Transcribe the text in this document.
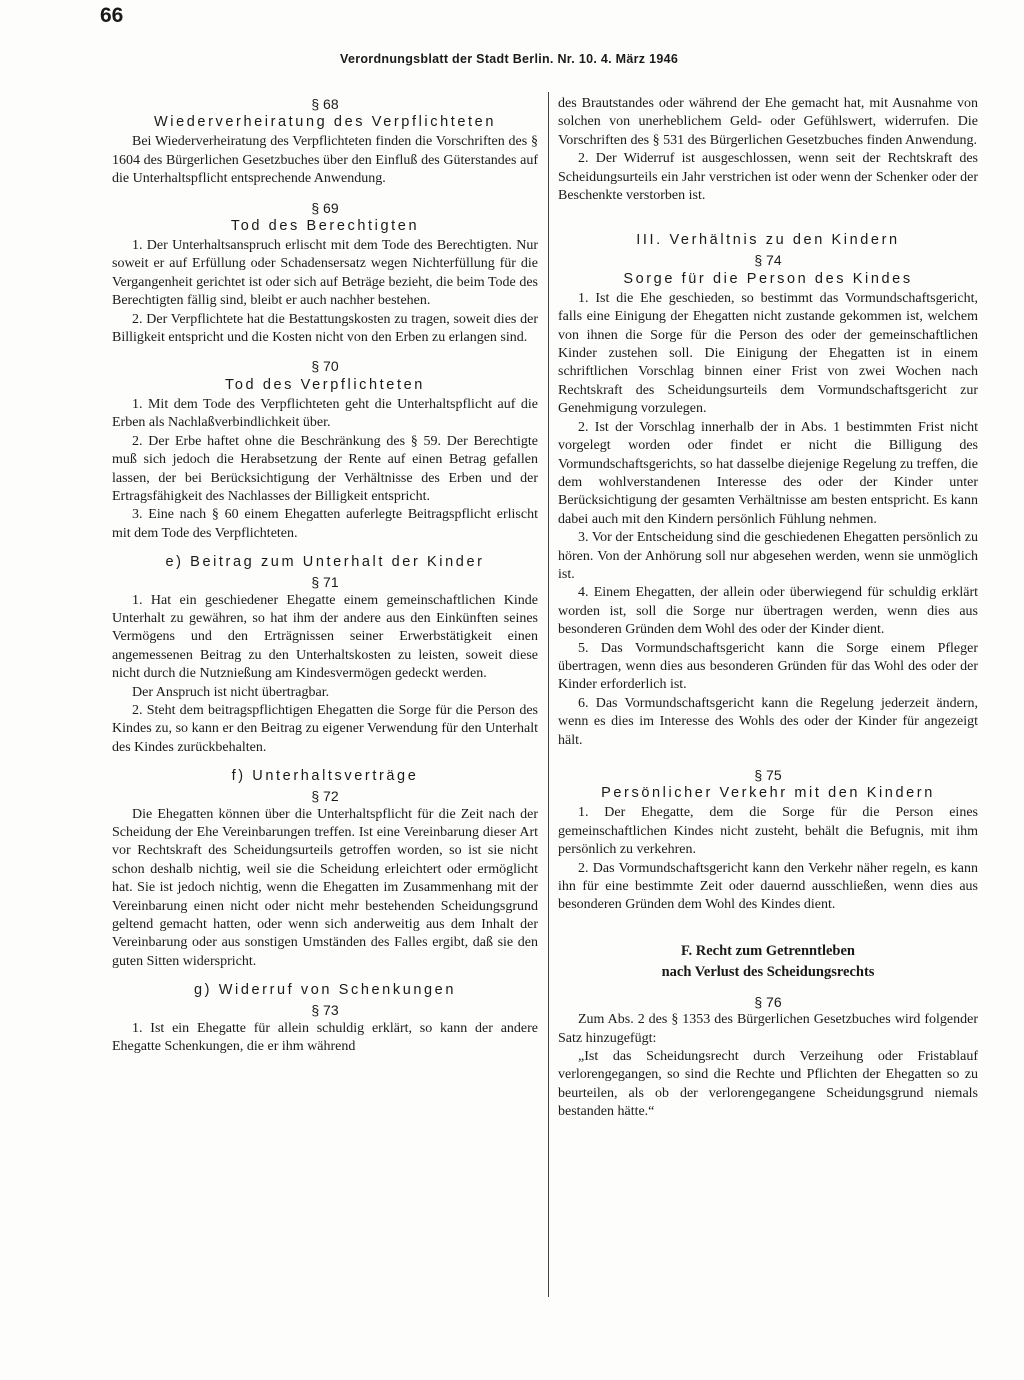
66
Verordnungsblatt der Stadt Berlin. Nr. 10. 4. März 1946
§ 68
Wiederverheiratung des Verpflichteten

Bei Wiederverheiratung des Verpflichteten finden die Vorschriften des § 1604 des Bürgerlichen Gesetzbuches über den Einfluß des Güterstandes auf die Unterhaltspflicht entsprechende Anwendung.

§ 69
Tod des Berechtigten

1. Der Unterhaltsanspruch erlischt mit dem Tode des Berechtigten. Nur soweit er auf Erfüllung oder Schadensersatz wegen Nichterfüllung für die Vergangenheit gerichtet ist oder sich auf Beträge bezieht, die beim Tode des Berechtigten fällig sind, bleibt er auch nachher bestehen.

2. Der Verpflichtete hat die Bestattungskosten zu tragen, soweit dies der Billigkeit entspricht und die Kosten nicht von den Erben zu erlangen sind.

§ 70
Tod des Verpflichteten

1. Mit dem Tode des Verpflichteten geht die Unterhaltspflicht auf die Erben als Nachlaßverbindlichkeit über.

2. Der Erbe haftet ohne die Beschränkung des § 59. Der Berechtigte muß sich jedoch die Herabsetzung der Rente auf einen Betrag gefallen lassen, der bei Berücksichtigung der Verhältnisse des Erben und der Ertragsfähigkeit des Nachlasses der Billigkeit entspricht.

3. Eine nach § 60 einem Ehegatten auferlegte Beitragspflicht erlischt mit dem Tode des Verpflichteten.

e) Beitrag zum Unterhalt der Kinder
§ 71

1. Hat ein geschiedener Ehegatte einem gemeinschaftlichen Kinde Unterhalt zu gewähren, so hat ihm der andere aus den Einkünften seines Vermögens und den Erträgnissen seiner Erwerbstätigkeit einen angemessenen Beitrag zu den Unterhaltskosten zu leisten, soweit diese nicht durch die Nutznießung am Kindesvermögen gedeckt werden.

Der Anspruch ist nicht übertragbar.

2. Steht dem beitragspflichtigen Ehegatten die Sorge für die Person des Kindes zu, so kann er den Beitrag zu eigener Verwendung für den Unterhalt des Kindes zurückbehalten.

f) Unterhaltsverträge
§ 72

Die Ehegatten können über die Unterhaltspflicht für die Zeit nach der Scheidung der Ehe Vereinbarungen treffen. Ist eine Vereinbarung dieser Art vor Rechtskraft des Scheidungsurteils getroffen worden, so ist sie nicht schon deshalb nichtig, weil sie die Scheidung erleichtert oder ermöglicht hat. Sie ist jedoch nichtig, wenn die Ehegatten im Zusammenhang mit der Vereinbarung einen nicht oder nicht mehr bestehenden Scheidungsgrund geltend gemacht hatten, oder wenn sich anderweitig aus dem Inhalt der Vereinbarung oder aus sonstigen Umständen des Falles ergibt, daß sie den guten Sitten widerspricht.

g) Widerruf von Schenkungen
§ 73

1. Ist ein Ehegatte für allein schuldig erklärt, so kann der andere Ehegatte Schenkungen, die er ihm während

des Brautstandes oder während der Ehe gemacht hat, mit Ausnahme von solchen von unerheblichem Geld- oder Gefühlswert, widerrufen. Die Vorschriften des § 531 des Bürgerlichen Gesetzbuches finden Anwendung.

2. Der Widerruf ist ausgeschlossen, wenn seit der Rechtskraft des Scheidungsurteils ein Jahr verstrichen ist oder wenn der Schenker oder der Beschenkte verstorben ist.

III. Verhältnis zu den Kindern
§ 74
Sorge für die Person des Kindes

1. Ist die Ehe geschieden, so bestimmt das Vormundschaftsgericht, falls eine Einigung der Ehegatten nicht zustande gekommen ist, welchem von ihnen die Sorge für die Person des oder der gemeinschaftlichen Kinder zustehen soll. Die Einigung der Ehegatten ist in einem schriftlichen Vorschlag binnen einer Frist von zwei Wochen nach Rechtskraft des Scheidungsurteils dem Vormundschaftsgericht zur Genehmigung vorzulegen.

2. Ist der Vorschlag innerhalb der in Abs. 1 bestimmten Frist nicht vorgelegt worden oder findet er nicht die Billigung des Vormundschaftsgerichts, so hat dasselbe diejenige Regelung zu treffen, die dem wohlverstandenen Interesse des oder der Kinder unter Berücksichtigung der gesamten Verhältnisse am besten entspricht. Es kann dabei auch mit den Kindern persönlich Fühlung nehmen.

3. Vor der Entscheidung sind die geschiedenen Ehegatten persönlich zu hören. Von der Anhörung soll nur abgesehen werden, wenn sie unmöglich ist.

4. Einem Ehegatten, der allein oder überwiegend für schuldig erklärt worden ist, soll die Sorge nur übertragen werden, wenn dies aus besonderen Gründen dem Wohl des oder der Kinder dient.

5. Das Vormundschaftsgericht kann die Sorge einem Pfleger übertragen, wenn dies aus besonderen Gründen für das Wohl des oder der Kinder erforderlich ist.

6. Das Vormundschaftsgericht kann die Regelung jederzeit ändern, wenn es dies im Interesse des Wohls des oder der Kinder für angezeigt hält.

§ 75
Persönlicher Verkehr mit den Kindern

1. Der Ehegatte, dem die Sorge für die Person eines gemeinschaftlichen Kindes nicht zusteht, behält die Befugnis, mit ihm persönlich zu verkehren.

2. Das Vormundschaftsgericht kann den Verkehr näher regeln, es kann ihn für eine bestimmte Zeit oder dauernd ausschließen, wenn dies aus besonderen Gründen dem Wohl des Kindes dient.

F. Recht zum Getrenntleben
nach Verlust des Scheidungsrechts
§ 76

Zum Abs. 2 des § 1353 des Bürgerlichen Gesetzbuches wird folgender Satz hinzugefügt:

„Ist das Scheidungsrecht durch Verzeihung oder Fristablauf verlorengegangen, so sind die Rechte und Pflichten der Ehegatten so zu beurteilen, als ob der verlorengegangene Scheidungsgrund niemals bestanden hätte.“
